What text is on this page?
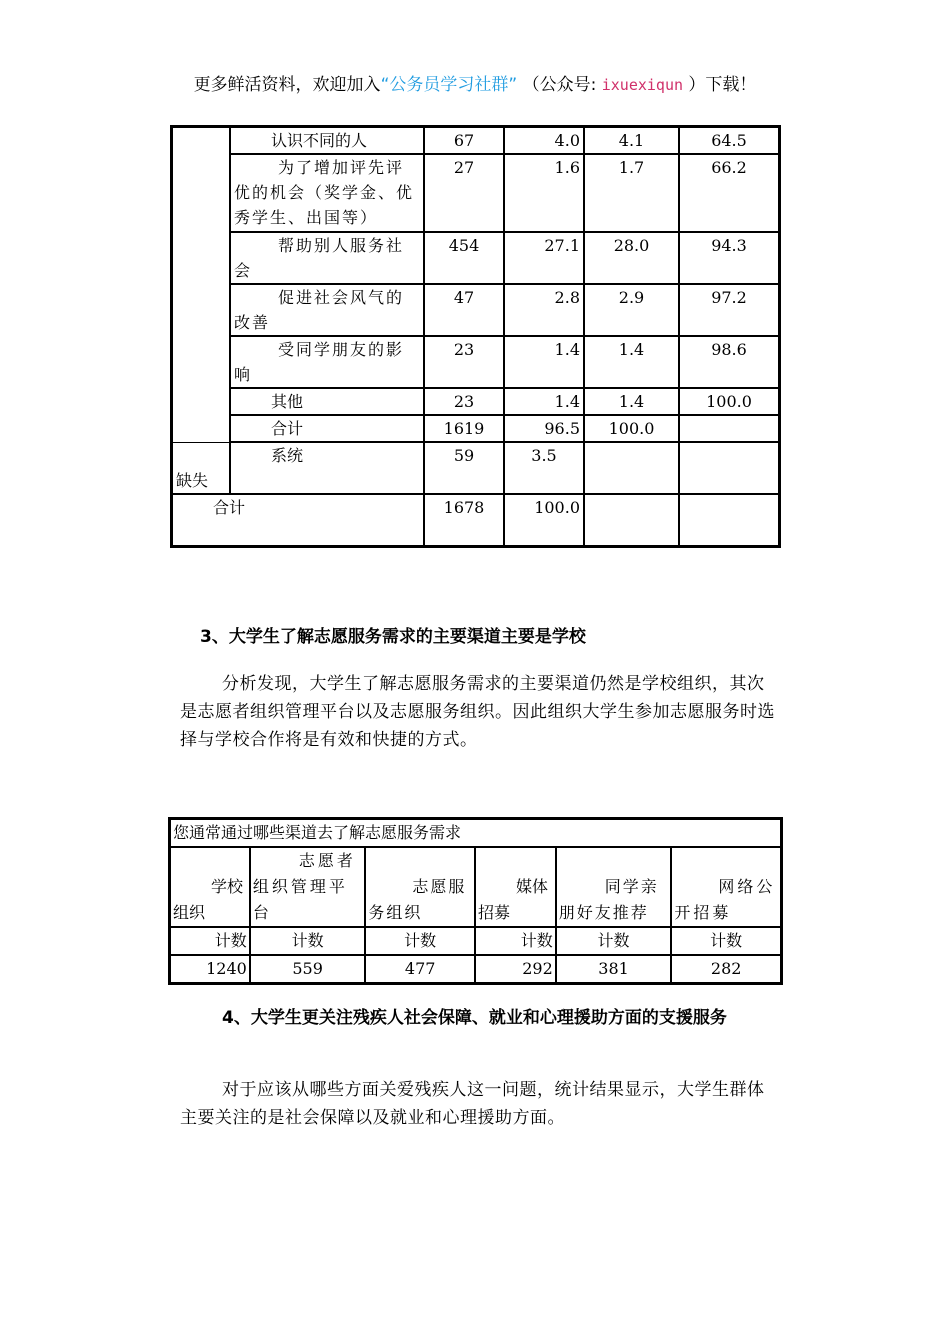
更多鲜活资料，欢迎加入“公务员学习社群” （公众号: ixuexiqun ）下载！
	认识不同的人	67	4.0	4.1	64.5
	为了增加评先评优的机会（奖学金、优秀学生、出国等）	27	1.6	1.7	66.2
	帮助别人服务社会	454	27.1	28.0	94.3
	促进社会风气的改善	47	2.8	2.9	97.2
	受同学朋友的影响	23	1.4	1.4	98.6
	其他	23	1.4	1.4	100.0
	合计	1619	96.5	100.0	
缺失	系统	59	3.5		
合计		1678	100.0		
3、大学生了解志愿服务需求的主要渠道主要是学校
分析发现，大学生了解志愿服务需求的主要渠道仍然是学校组织，其次是志愿者组织管理平台以及志愿服务组织。因此组织大学生参加志愿服务时选择与学校合作将是有效和快捷的方式。
您通常通过哪些渠道去了解志愿服务需求					
学校组织	志愿者组织管理平台	志愿服务组织	媒体招募	同学亲朋好友推荐	网络公开招募
计数	计数	计数	计数	计数	计数
1240	559	477	292	381	282
4、大学生更关注残疾人社会保障、就业和心理援助方面的支援服务
对于应该从哪些方面关爱残疾人这一问题，统计结果显示，大学生群体主要关注的是社会保障以及就业和心理援助方面。
